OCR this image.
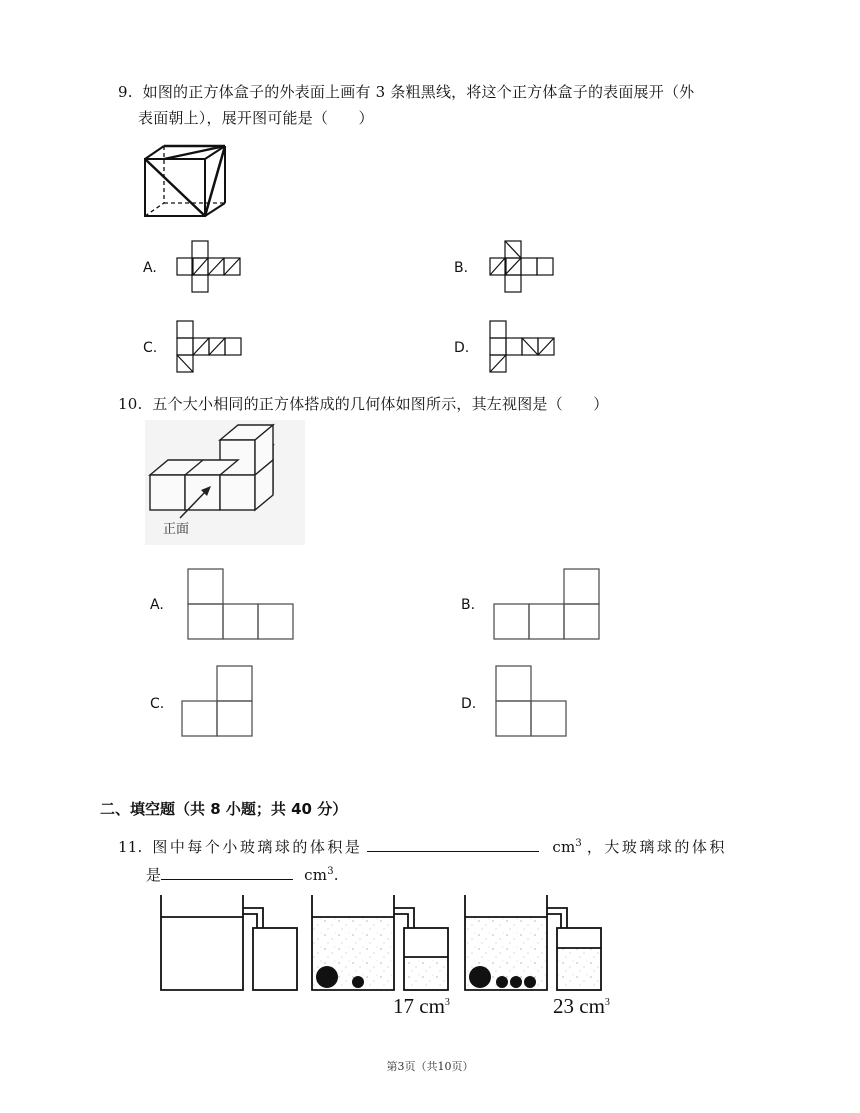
9. 如图的正方体盒子的外表面上画有 3 条粗黑线，将这个正方体盒子的表面展开（外
表面朝上），展开图可能是（　　）
A.	B.
C.	D.
10. 五个大小相同的正方体搭成的几何体如图所示，其左视图是（　　）
正面
A.	B.
C.	D.
二、填空题（共 8 小题；共 40 分）
11. 图中每个小玻璃球的体积是	$cm^3$ ，大玻璃球的体积
是	$cm^3$.
17 $cm^3$	23 $cm^3$
第3页（共10页）
